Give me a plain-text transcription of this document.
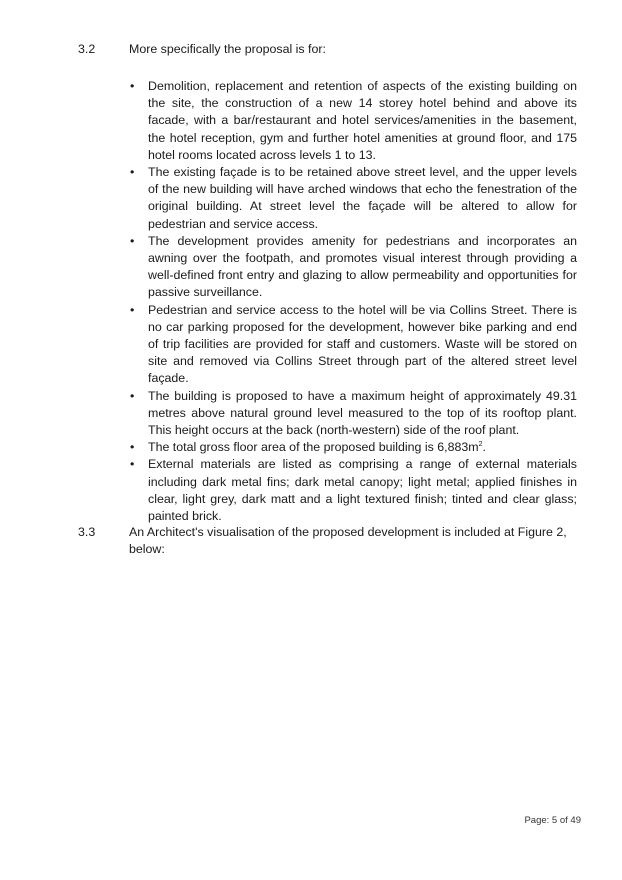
3.2	More specifically the proposal is for:
•	Demolition, replacement and retention of aspects of the existing building on the site, the construction of a new 14 storey hotel behind and above its facade, with a bar/restaurant and hotel services/amenities in the basement, the hotel reception, gym and further hotel amenities at ground floor, and 175 hotel rooms located across levels 1 to 13.
•	The existing façade is to be retained above street level, and the upper levels of the new building will have arched windows that echo the fenestration of the original building. At street level the façade will be altered to allow for pedestrian and service access.
•	The development provides amenity for pedestrians and incorporates an awning over the footpath, and promotes visual interest through providing a well-defined front entry and glazing to allow permeability and opportunities for passive surveillance.
•	Pedestrian and service access to the hotel will be via Collins Street. There is no car parking proposed for the development, however bike parking and end of trip facilities are provided for staff and customers. Waste will be stored on site and removed via Collins Street through part of the altered street level façade.
•	The building is proposed to have a maximum height of approximately 49.31 metres above natural ground level measured to the top of its rooftop plant. This height occurs at the back (north-western) side of the roof plant.
•	The total gross floor area of the proposed building is $6,883m^2$.
•	External materials are listed as comprising a range of external materials including dark metal fins; dark metal canopy; light metal; applied finishes in clear, light grey, dark matt and a light textured finish; tinted and clear glass; painted brick.
3.3	An Architect's visualisation of the proposed development is included at Figure 2, below:
Page: 5 of 49
